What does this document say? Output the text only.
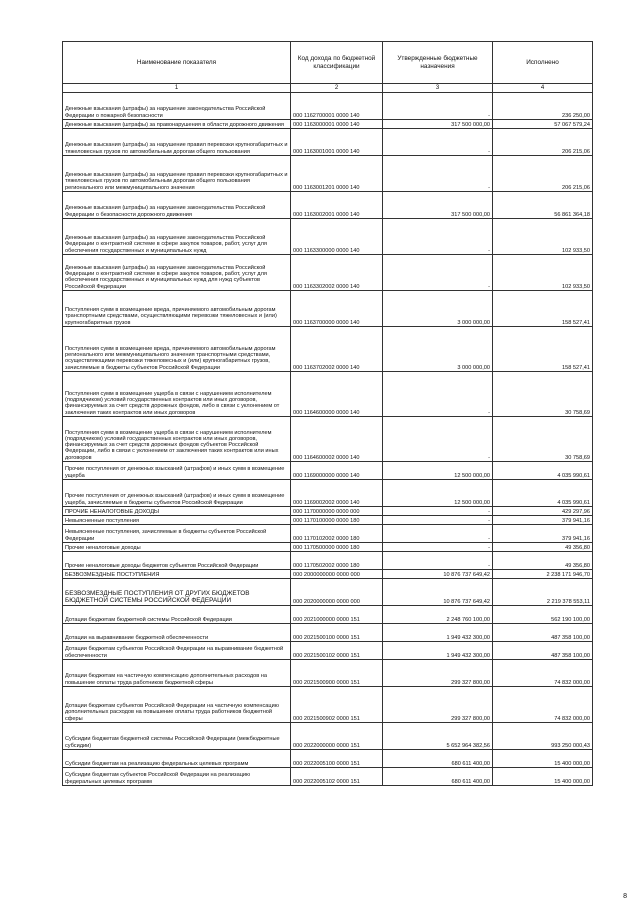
Наименование показателя	Код дохода по бюджетной классификации	Утвержденные бюджетные назначения	Исполнено
1	2	3	4
Денежные взыскания (штрафы) за нарушение законодательства Российской Федерации о пожарной безопасности	000 1162700001 0000 140	-	236 250,00
Денежные взыскания (штрафы) за правонарушения в области дорожного движения	000 1163000001 0000 140	317 500 000,00	57 067 579,24
Денежные взыскания (штрафы) за нарушение правил перевозки крупногабаритных и тяжеловесных грузов по автомобильным дорогам общего пользования	000 1163001001 0000 140	-	206 215,06
Денежные взыскания (штрафы) за нарушение правил перевозки крупногабаритных и тяжеловесных грузов по автомобильным дорогам общего пользования регионального или межмуниципального значения	000 1163001201 0000 140	-	206 215,06
Денежные взыскания (штрафы) за нарушение законодательства Российской Федерации о безопасности дорожного движения	000 1163002001 0000 140	317 500 000,00	56 861 364,18
Денежные взыскания (штрафы) за нарушение законодательства Российской Федерации о контрактной системе в сфере закупок товаров, работ, услуг для обеспечения государственных и муниципальных нужд	000 1163300000 0000 140	-	102 933,50
Денежные взыскания (штрафы) за нарушение законодательства Российской Федерации о контрактной системе в сфере закупок товаров, работ, услуг для обеспечения государственных и муниципальных нужд для нужд субъектов Российской Федерации	000 1163302002 0000 140	-	102 933,50
Поступления сумм в возмещение вреда, причиняемого автомобильным дорогам транспортными средствами, осуществляющими перевозки тяжеловесных и (или) крупногабаритных грузов	000 1163700000 0000 140	3 000 000,00	158 527,41
Поступления сумм в возмещение вреда, причиняемого автомобильным дорогам регионального или межмуниципального значения транспортными средствами, осуществляющими перевозки тяжеловесных и (или) крупногабаритных грузов, зачисляемые в бюджеты субъектов Российской Федерации	000 1163702002 0000 140	3 000 000,00	158 527,41
Поступления сумм в возмещение ущерба в связи с нарушением исполнителем (подрядчиком) условий государственных контрактов или иных договоров, финансируемых за счет средств дорожных фондов, либо в связи с уклонением от заключения таких контрактов или иных договоров	000 1164600000 0000 140	-	30 758,69
Поступления сумм в возмещение ущерба в связи с нарушением исполнителем (подрядчиком) условий государственных контрактов или иных договоров, финансируемых за счет средств дорожных фондов субъектов Российской Федерации, либо в связи с уклонением от заключения таких контрактов или иных договоров	000 1164600002 0000 140	-	30 758,69
Прочие поступления от денежных взысканий (штрафов) и иных сумм в возмещение ущерба	000 1169000000 0000 140	12 500 000,00	4 035 990,61
Прочие поступления от денежных взысканий (штрафов) и иных сумм в возмещение ущерба, зачисляемые в бюджеты субъектов Российской Федерации	000 1169002002 0000 140	12 500 000,00	4 035 990,61
ПРОЧИЕ НЕНАЛОГОВЫЕ ДОХОДЫ	000 1170000000 0000 000	-	429 297,96
Невыясненные поступления	000 1170100000 0000 180	-	379 941,16
Невыясненные поступления, зачисляемые в бюджеты субъектов Российской Федерации	000 1170102002 0000 180	-	379 941,16
Прочие неналоговые доходы	000 1170500000 0000 180	-	49 356,80
Прочие неналоговые доходы бюджетов субъектов Российской Федерации	000 1170502002 0000 180	-	49 356,80
БЕЗВОЗМЕЗДНЫЕ ПОСТУПЛЕНИЯ	000 2000000000 0000 000	10 876 737 649,42	2 238 171 946,70
БЕЗВОЗМЕЗДНЫЕ ПОСТУПЛЕНИЯ ОТ ДРУГИХ БЮДЖЕТОВ БЮДЖЕТНОЙ СИСТЕМЫ РОССИЙСКОЙ ФЕДЕРАЦИИ	000 2020000000 0000 000	10 876 737 649,42	2 219 378 553,11
Дотации бюджетам бюджетной системы Российской Федерации	000 2021000000 0000 151	2 248 760 100,00	562 190 100,00
Дотации на выравнивание бюджетной обеспеченности	000 2021500100 0000 151	1 949 432 300,00	487 358 100,00
Дотации бюджетам субъектов Российской Федерации на выравнивание бюджетной обеспеченности	000 2021500102 0000 151	1 949 432 300,00	487 358 100,00
Дотации бюджетам на частичную компенсацию дополнительных расходов на повышение оплаты труда работников бюджетной сферы	000 2021500900 0000 151	299 327 800,00	74 832 000,00
Дотации бюджетам субъектов Российской Федерации на частичную компенсацию дополнительных расходов на повышение оплаты труда работников бюджетной сферы	000 2021500902 0000 151	299 327 800,00	74 832 000,00
Субсидии бюджетам бюджетной системы Российской Федерации (межбюджетные субсидии)	000 2022000000 0000 151	5 652 964 382,56	993 250 000,43
Субсидии бюджетам на реализацию федеральных целевых программ	000 2022005100 0000 151	680 611 400,00	15 400 000,00
Субсидии бюджетам субъектов Российской Федерации на реализацию федеральных целевых программ	000 2022005102 0000 151	680 611 400,00	15 400 000,00
8
